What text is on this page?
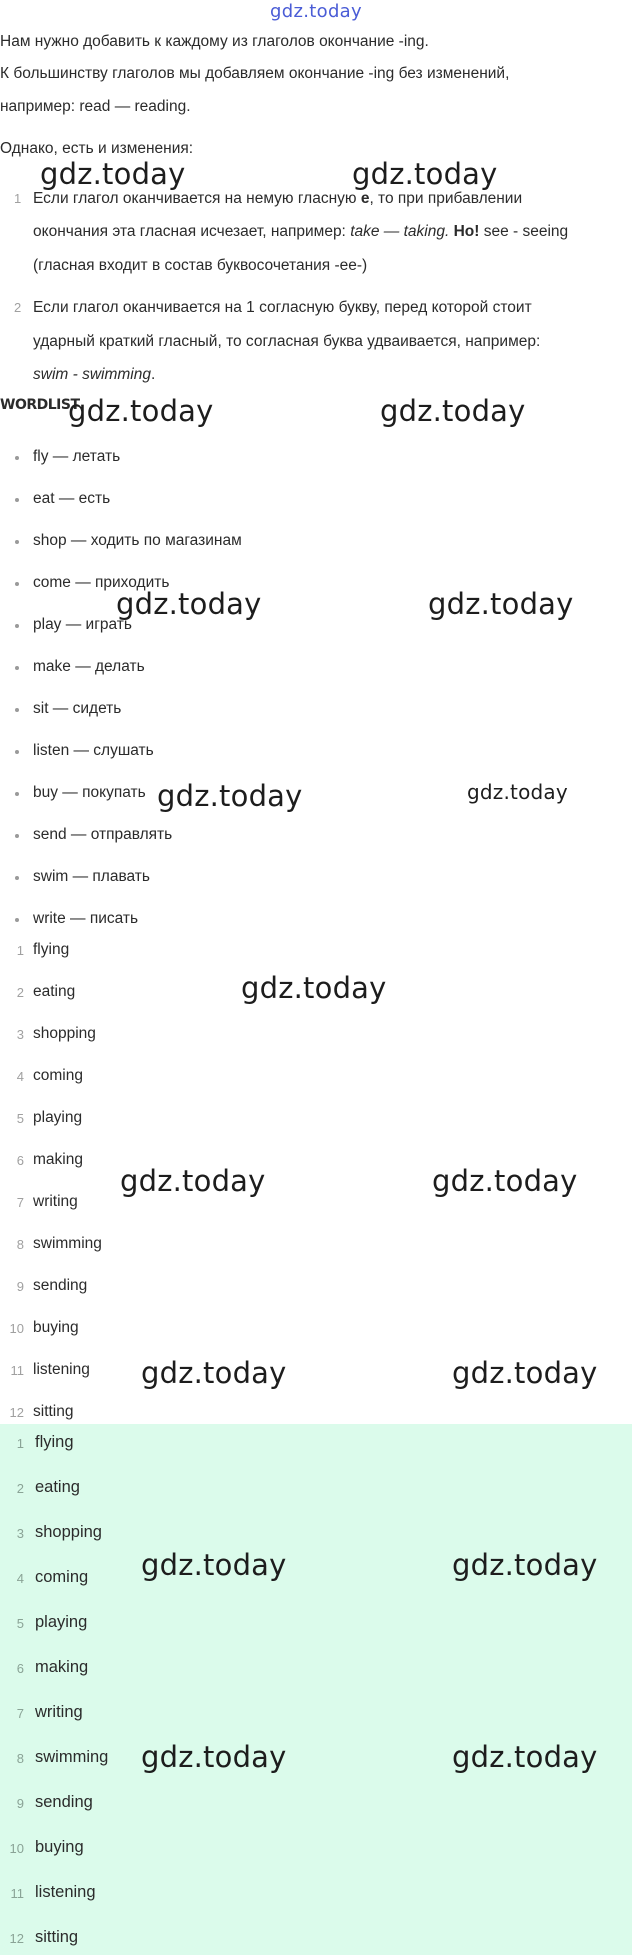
gdz.today
Нам нужно добавить к каждому из глаголов окончание -ing.
К большинству глаголов мы добавляем окончание -ing без изменений,
например: read — reading.
Однако, есть и изменения:
1 Если глагол оканчивается на немую гласную е, то при прибавлении
окончания эта гласная исчезает, например: take — taking. Но! see - seeing
(гласная входит в состав буквосочетания -ее-)
2 Если глагол оканчивается на 1 согласную букву, перед которой стоит
ударный краткий гласный, то согласная буква удваивается, например:
swim - swimming.
WORDLIST
fly — летать
eat — есть
shop — ходить по магазинам
come — приходить
play — играть
make — делать
sit — сидеть
listen — слушать
buy — покупать
send — отправлять
swim — плавать
write — писать
1 flying
2 eating
3 shopping
4 coming
5 playing
6 making
7 writing
8 swimming
9 sending
10 buying
11 listening
12 sitting
1 flying
2 eating
3 shopping
4 coming
5 playing
6 making
7 writing
8 swimming
9 sending
10 buying
11 listening
12 sitting
gdz.today	gdz.today
gdz.today	gdz.today
gdz.today	gdz.today
gdz.today	gdz.today
gdz.today
gdz.today	gdz.today
gdz.today	gdz.today
gdz.today	gdz.today
gdz.today	gdz.today
